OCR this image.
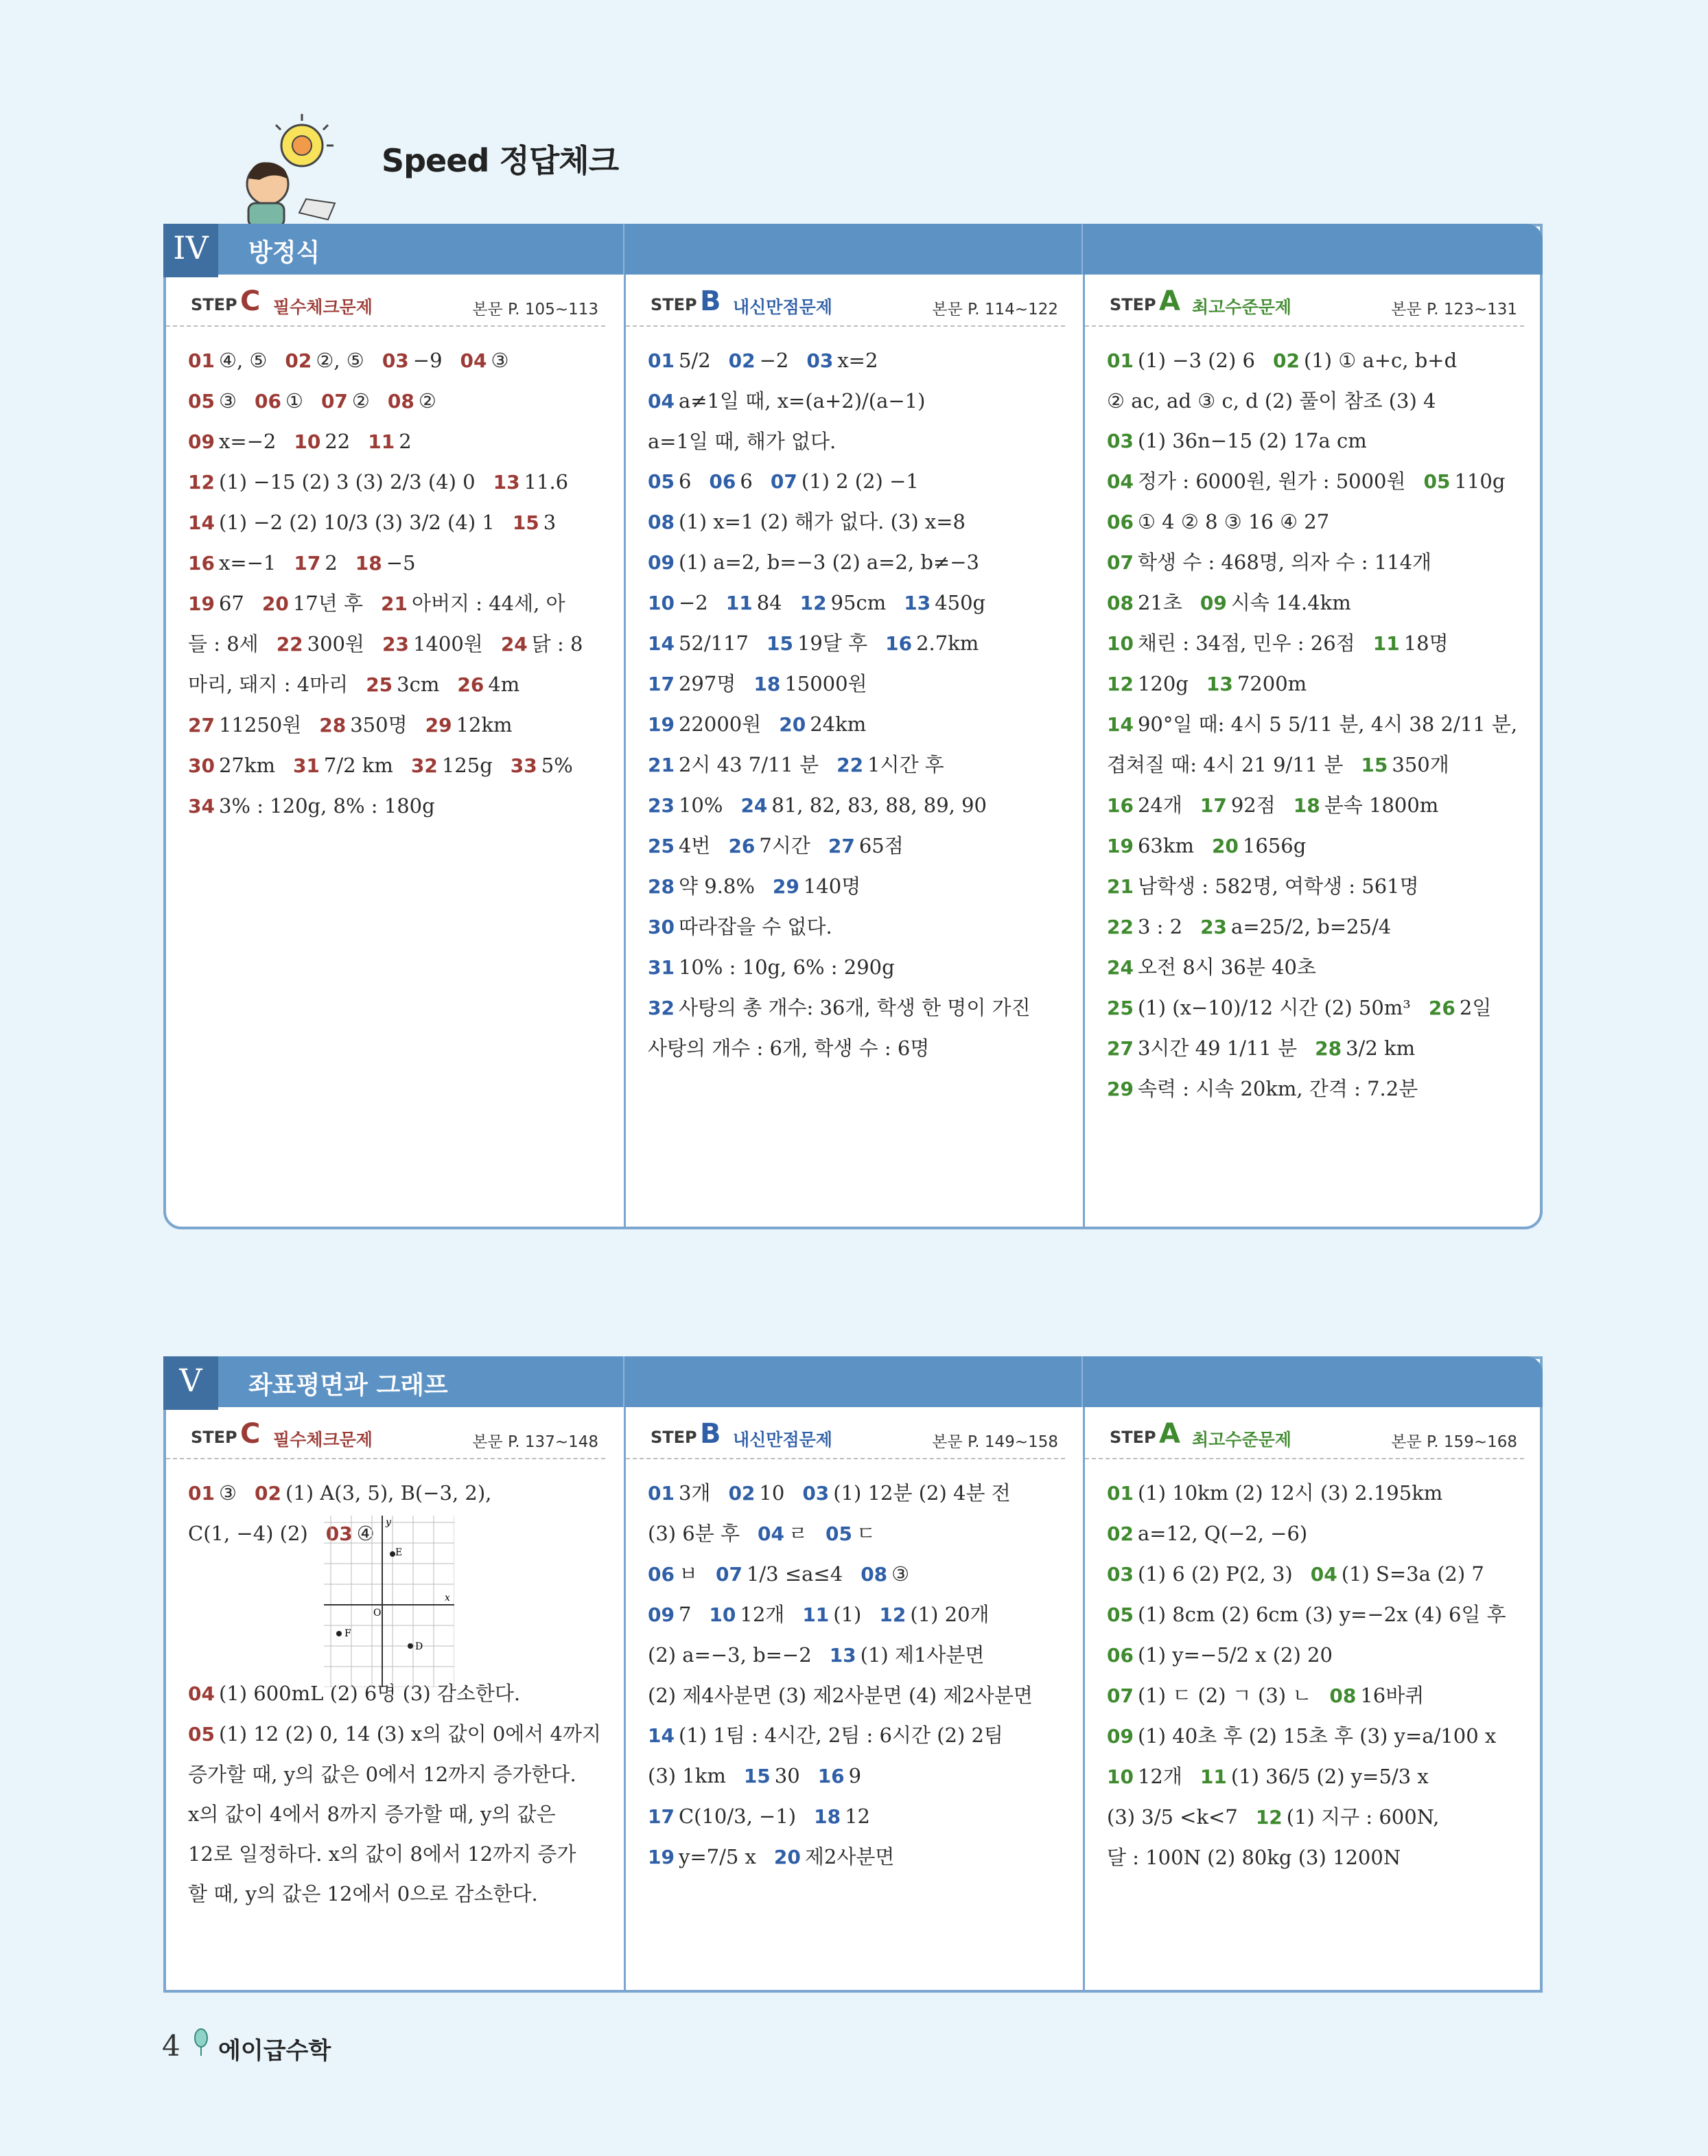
Speed 정답체크
IV	방정식
STEP C 필수체크문제	본문 P. 105~113
01 ④, ⑤ 02 ②, ⑤ 03 −9 04 ③
05 ③ 06 ① 07 ② 08 ②
09 x=−2 10 22 11 2
12 (1) −15 (2) 3 (3) 2/3 (4) 0 13 11.6
14 (1) −2 (2) 10/3 (3) 3/2 (4) 1 15 3
16 x=−1 17 2 18 −5
19 67 20 17년 후 21 아버지 : 44세, 아
들 : 8세 22 300원 23 1400원 24 닭 : 8
마리, 돼지 : 4마리 25 3cm 26 4m
27 11250원 28 350명 29 12km
30 27km 31 7/2 km 32 125g 33 5%
34 3% : 120g, 8% : 180g
STEP B 내신만점문제	본문 P. 114~122
01 5/2 02 −2 03 x=2
04 a≠1일 때, x=(a+2)/(a−1)
a=1일 때, 해가 없다.
05 6 06 6 07 (1) 2 (2) −1
08 (1) x=1 (2) 해가 없다. (3) x=8
09 (1) a=2, b=−3 (2) a=2, b≠−3
10 −2 11 84 12 95cm 13 450g
14 52/117 15 19달 후 16 2.7km
17 297명 18 15000원
19 22000원 20 24km
21 2시 43 7/11 분 22 1시간 후
23 10% 24 81, 82, 83, 88, 89, 90
25 4번 26 7시간 27 65점
28 약 9.8% 29 140명
30 따라잡을 수 없다.
31 10% : 10g, 6% : 290g
32 사탕의 총 개수: 36개, 학생 한 명이 가진
사탕의 개수 : 6개, 학생 수 : 6명
STEP A 최고수준문제	본문 P. 123~131
01 (1) −3 (2) 6 02 (1) ① a+c, b+d
② ac, ad ③ c, d (2) 풀이 참조 (3) 4
03 (1) 36n−15 (2) 17a cm
04 정가 : 6000원, 원가 : 5000원 05 110g
06 ① 4 ② 8 ③ 16 ④ 27
07 학생 수 : 468명, 의자 수 : 114개
08 21초 09 시속 14.4km
10 채린 : 34점, 민우 : 26점 11 18명
12 120g 13 7200m
14 90°일 때: 4시 5 5/11 분, 4시 38 2/11 분,
겹쳐질 때: 4시 21 9/11 분 15 350개
16 24개 17 92점 18 분속 1800m
19 63km 20 1656g
21 남학생 : 582명, 여학생 : 561명
22 3 : 2 23 a=25/2, b=25/4
24 오전 8시 36분 40초
25 (1) (x−10)/12 시간 (2) 50m³ 26 2일
27 3시간 49 1/11 분 28 3/2 km
29 속력 : 시속 20km, 간격 : 7.2분
V	좌표평면과 그래프
STEP C 필수체크문제	본문 P. 137~148
01 ③ 02 (1) A(3, 5), B(−3, 2),
C(1, −4) (2) 03 ④

04 (1) 600mL (2) 6명 (3) 감소한다.
05 (1) 12 (2) 0, 14 (3) x의 값이 0에서 4까지
증가할 때, y의 값은 0에서 12까지 증가한다.
x의 값이 4에서 8까지 증가할 때, y의 값은
12로 일정하다. x의 값이 8에서 12까지 증가
할 때, y의 값은 12에서 0으로 감소한다.
E
F
D
O
x
y
STEP B 내신만점문제	본문 P. 149~158
01 3개 02 10 03 (1) 12분 (2) 4분 전
(3) 6분 후 04 ㄹ 05 ㄷ
06 ㅂ 07 1/3 ≤a≤4 08 ③
09 7 10 12개 11 (1) 12 (1) 20개
(2) a=−3, b=−2 13 (1) 제1사분면
(2) 제4사분면 (3) 제2사분면 (4) 제2사분면
14 (1) 1팀 : 4시간, 2팀 : 6시간 (2) 2팀
(3) 1km 15 30 16 9
17 C(10/3, −1) 18 12
19 y=7/5 x 20 제2사분면
STEP A 최고수준문제	본문 P. 159~168
01 (1) 10km (2) 12시 (3) 2.195km
02 a=12, Q(−2, −6)
03 (1) 6 (2) P(2, 3) 04 (1) S=3a (2) 7
05 (1) 8cm (2) 6cm (3) y=−2x (4) 6일 후
06 (1) y=−5/2 x (2) 20
07 (1) ㄷ (2) ㄱ (3) ㄴ 08 16바퀴
09 (1) 40초 후 (2) 15초 후 (3) y=a/100 x
10 12개 11 (1) 36/5 (2) y=5/3 x
(3) 3/5 <k<7 12 (1) 지구 : 600N,
달 : 100N (2) 80kg (3) 1200N
4 에이급수학
